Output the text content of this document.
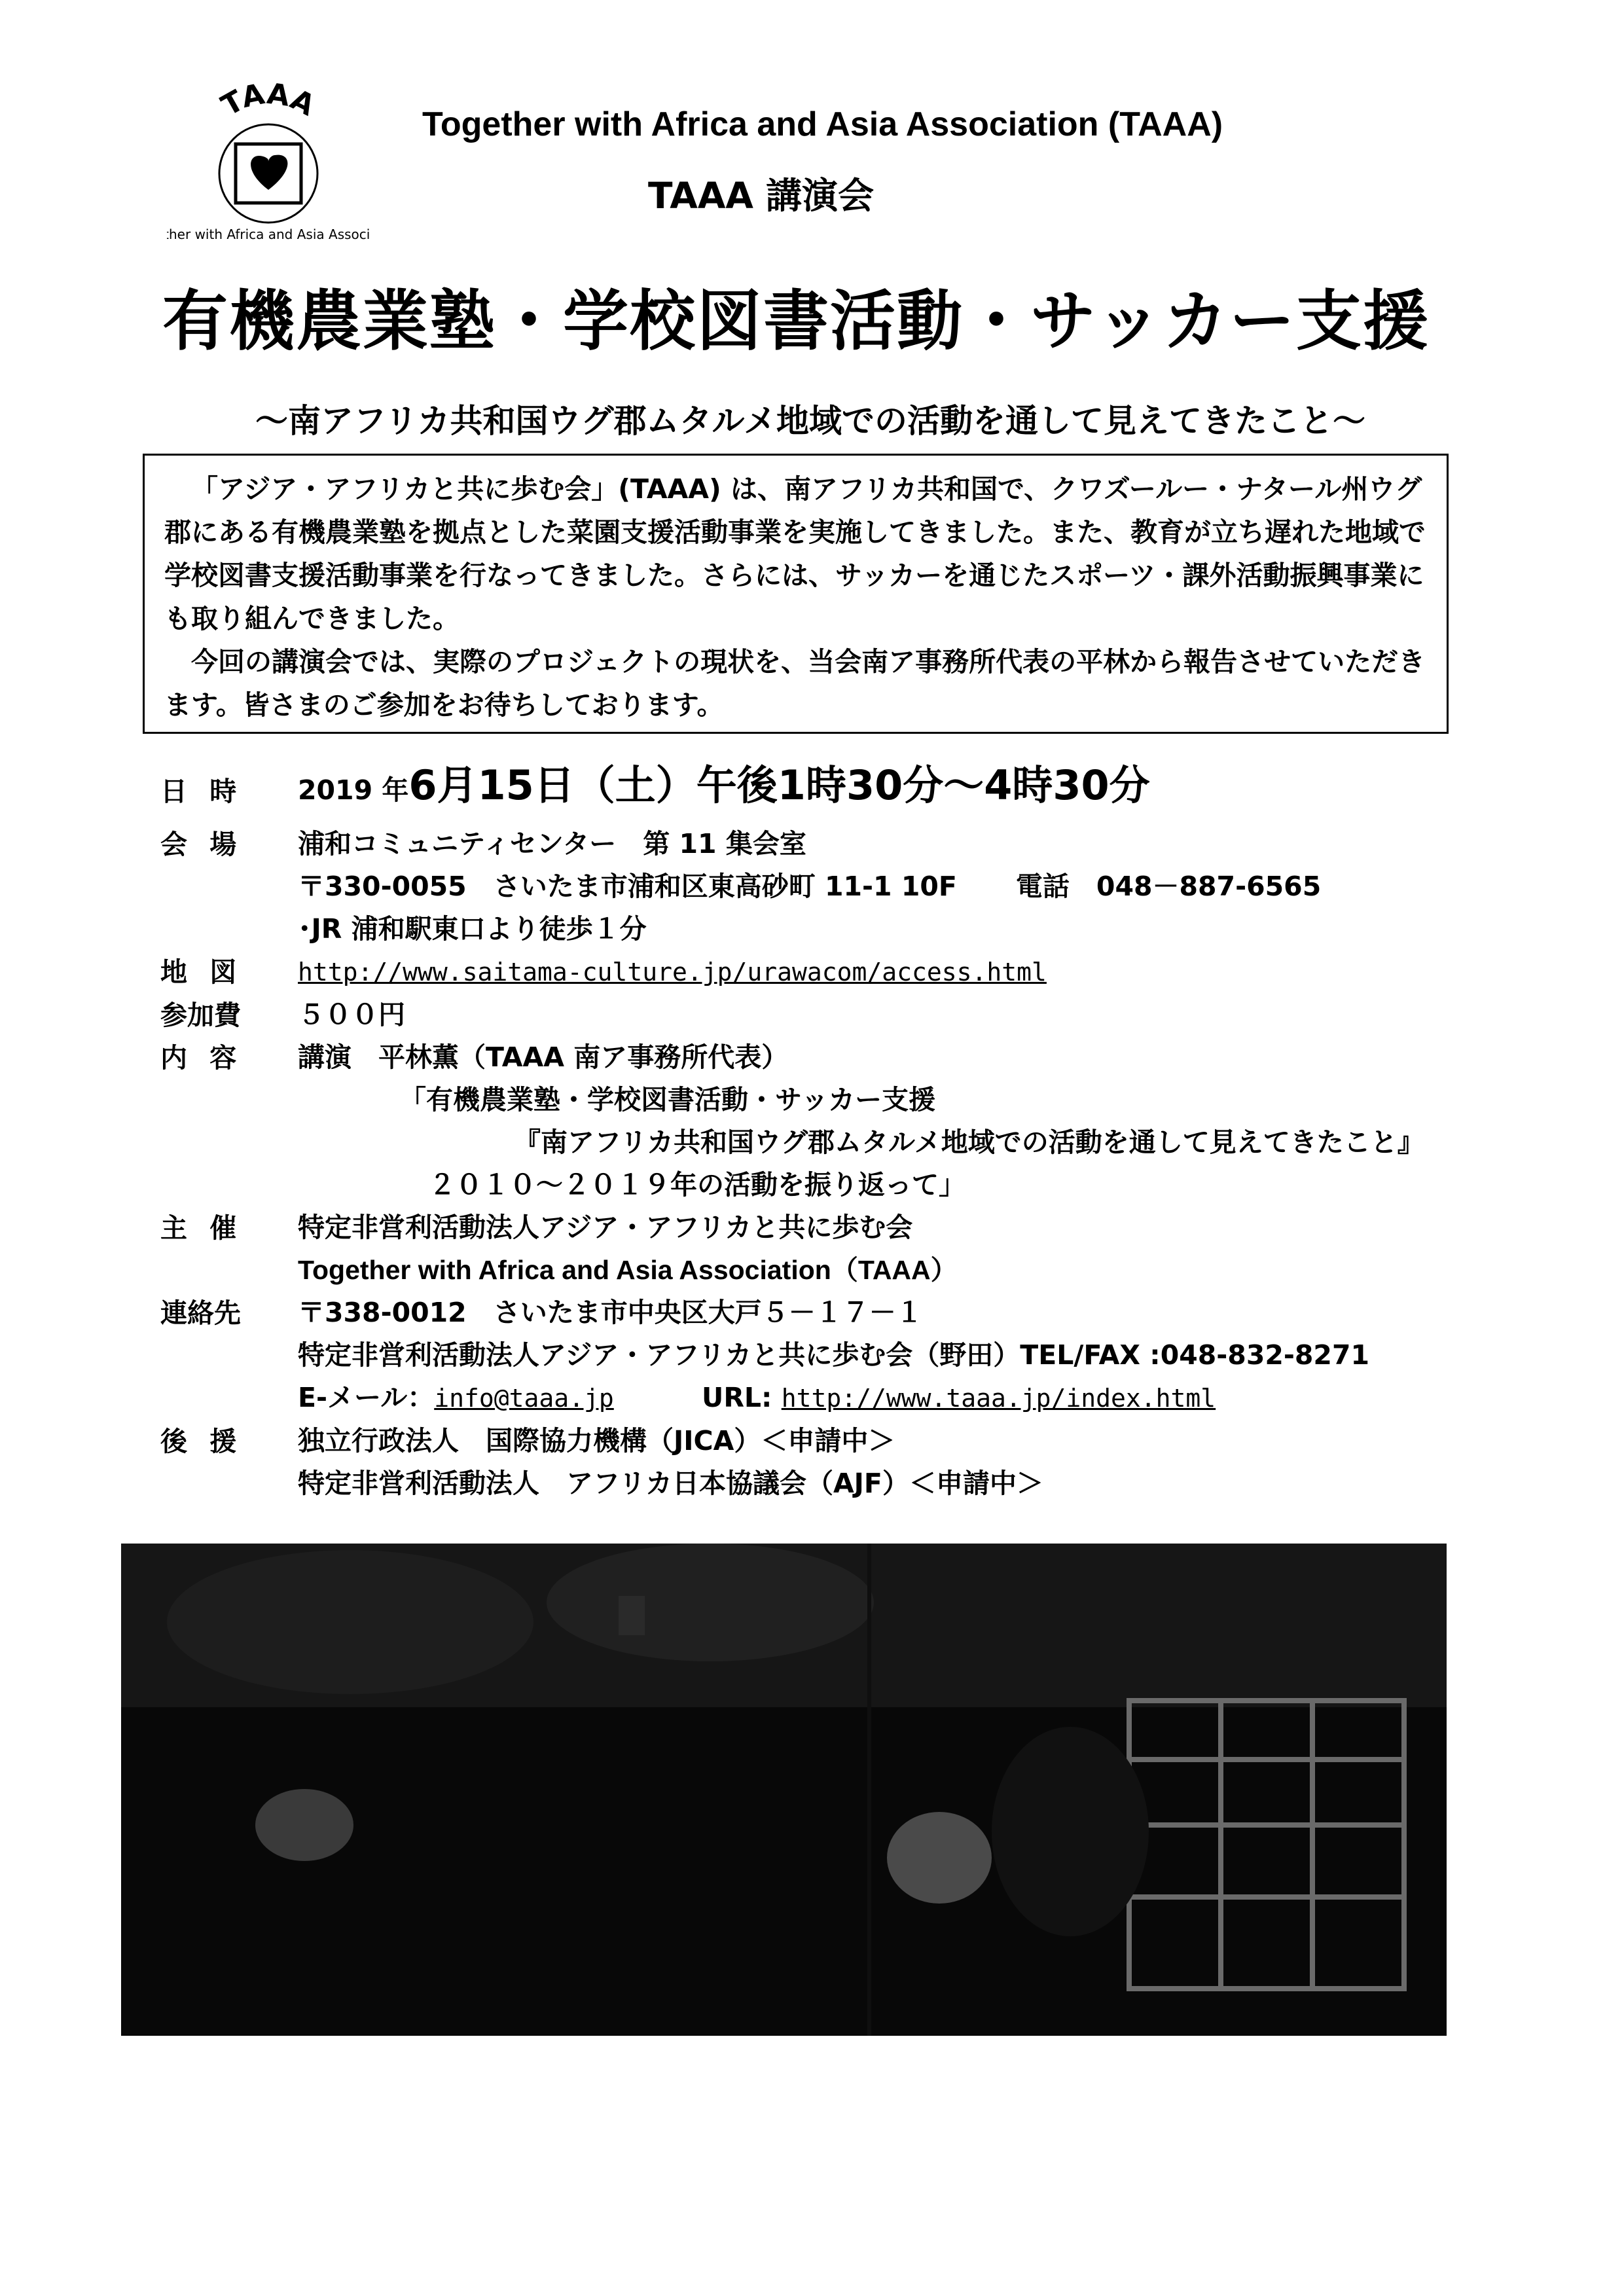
TAAA
her with Africa and Asia Associ
Together with Africa and Asia Association (TAAA)
TAAA 講演会
有機農業塾・学校図書活動・サッカー支援
～南アフリカ共和国ウグ郡ムタルメ地域での活動を通して見えてきたこと～

「アジア・アフリカと共に歩む会」(TAAA) は、南アフリカ共和国で、クワズールー・ナタール州ウグ郡にある有機農業塾を拠点とした菜園支援活動事業を実施してきました。また、教育が立ち遅れた地域で学校図書支援活動事業を行なってきました。さらには、サッカーを通じたスポーツ・課外活動振興事業にも取り組んできました。

今回の講演会では、実際のプロジェクトの現状を、当会南ア事務所代表の平林から報告させていただきます。皆さまのご参加をお待ちしております。

日 時	2019 年6月15日（土）午後1時30分～4時30分
会 場	浦和コミュニティセンター　第 11 集会室
〒330-0055　さいたま市浦和区東高砂町 11-1 10F 電話　048－887-6565
･JR 浦和駅東口より徒歩１分
地 図	http://www.saitama-culture.jp/urawacom/access.html
参加費	５００円
内 容	講演　平林薫（TAAA 南ア事務所代表）
「有機農業塾・学校図書活動・サッカー支援
『南アフリカ共和国ウグ郡ムタルメ地域での活動を通して見えてきたこと』
２０１０～２０１９年の活動を振り返って」
主 催	特定非営利活動法人アジア・アフリカと共に歩む会
Together with Africa and Asia Association（TAAA）
連絡先	〒338-0012　さいたま市中央区大戸５－１７－１
特定非営利活動法人アジア・アフリカと共に歩む会（野田）TEL/FAX :048-832-8271
E-メール：info@taaa.jp	URL: http://www.taaa.jp/index.html
後 援	独立行政法人　国際協力機構（JICA）＜申請中＞
特定非営利活動法人　アフリカ日本協議会（AJF）＜申請中＞
